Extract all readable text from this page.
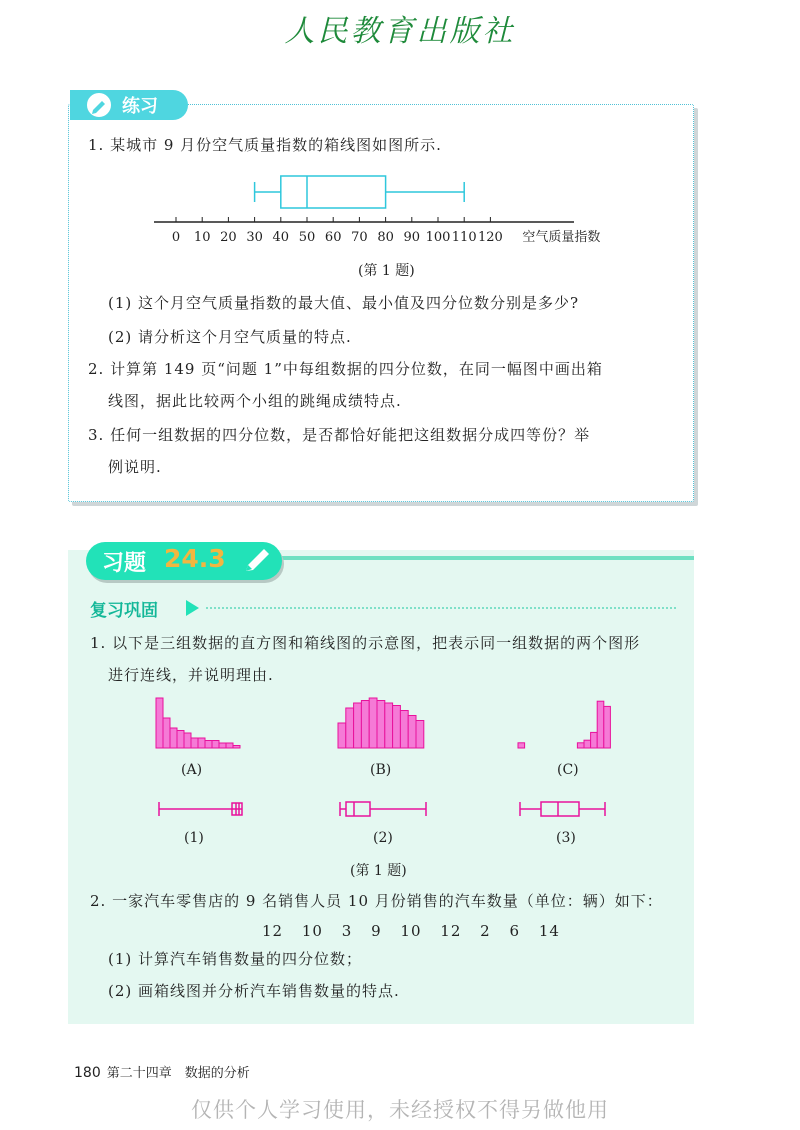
人民教育出版社
练习
1. 某城市 9 月份空气质量指数的箱线图如图所示.
0 10 20 30 40 50 60 70 80 90 100 110 120 空气质量指数
(第 1 题)
(1) 这个月空气质量指数的最大值、最小值及四分位数分别是多少?
(2) 请分析这个月空气质量的特点.
2. 计算第 149 页“问题 1”中每组数据的四分位数，在同一幅图中画出箱
线图，据此比较两个小组的跳绳成绩特点.
3. 任何一组数据的四分位数，是否都恰好能把这组数据分成四等份？举
例说明.
习题 24.3
复习巩固
1. 以下是三组数据的直方图和箱线图的示意图，把表示同一组数据的两个图形
进行连线，并说明理由.
(A)	(B)	(C)
(1)	(2)	(3)
(第 1 题)
2. 一家汽车零售店的 9 名销售人员 10 月份销售的汽车数量（单位：辆）如下：
12 10 3 9 10 12 2 6 14
(1) 计算汽车销售数量的四分位数；
(2) 画箱线图并分析汽车销售数量的特点.
180 第二十四章　数据的分析
仅供个人学习使用，未经授权不得另做他用
